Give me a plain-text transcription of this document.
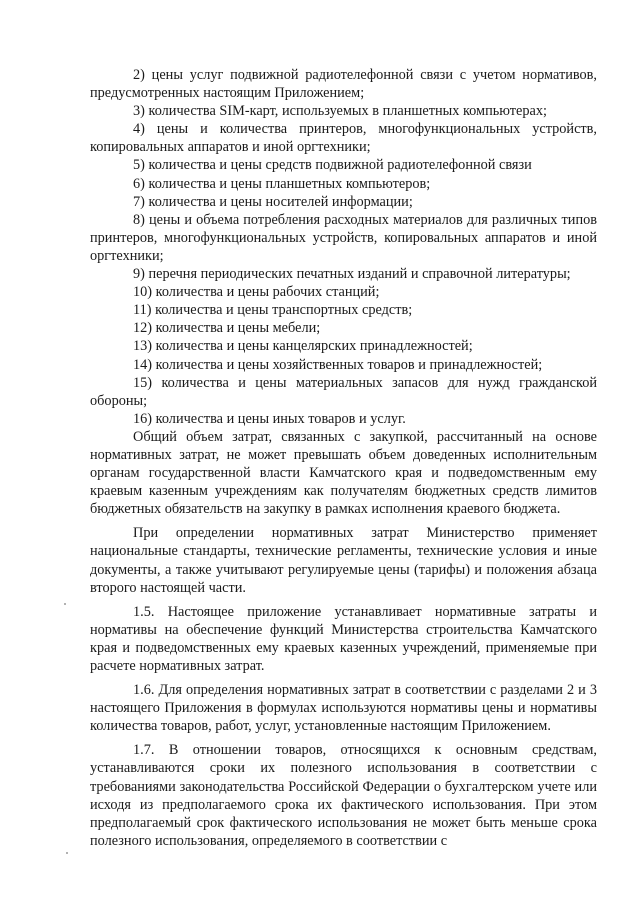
2) цены услуг подвижной радиотелефонной связи с учетом нормативов, предусмотренных настоящим Приложением;

3) количества SIM-карт, используемых в планшетных компьютерах;

4) цены и количества принтеров, многофункциональных устройств, копировальных аппаратов и иной оргтехники;

5) количества и цены средств подвижной радиотелефонной связи

6) количества и цены планшетных компьютеров;

7) количества и цены носителей информации;

8) цены и объема потребления расходных материалов для различных типов принтеров, многофункциональных устройств, копировальных аппаратов и иной оргтехники;

9) перечня периодических печатных изданий и справочной литературы;

10) количества и цены рабочих станций;

11) количества и цены транспортных средств;

12) количества и цены мебели;

13) количества и цены канцелярских принадлежностей;

14) количества и цены хозяйственных товаров и принадлежностей;

15) количества и цены материальных запасов для нужд гражданской обороны;

16) количества и цены иных товаров и услуг.

Общий объем затрат, связанных с закупкой, рассчитанный на основе нормативных затрат, не может превышать объем доведенных исполнительным органам государственной власти Камчатского края и подведомственным ему краевым казенным учреждениям как получателям бюджетных средств лимитов бюджетных обязательств на закупку в рамках исполнения краевого бюджета.

При определении нормативных затрат Министерство применяет национальные стандарты, технические регламенты, технические условия и иные документы, а также учитывают регулируемые цены (тарифы) и положения абзаца второго настоящей части.

1.5. Настоящее приложение устанавливает нормативные затраты и нормативы на обеспечение функций Министерства строительства Камчатского края и подведомственных ему краевых казенных учреждений, применяемые при расчете нормативных затрат.

1.6. Для определения нормативных затрат в соответствии с разделами 2 и 3 настоящего Приложения в формулах используются нормативы цены и нормативы количества товаров, работ, услуг, установленные настоящим Приложением.

1.7. В отношении товаров, относящихся к основным средствам, устанавливаются сроки их полезного использования в соответствии с требованиями законодательства Российской Федерации о бухгалтерском учете или исходя из предполагаемого срока их фактического использования. При этом предполагаемый срок фактического использования не может быть меньше срока полезного использования, определяемого в соответствии с
